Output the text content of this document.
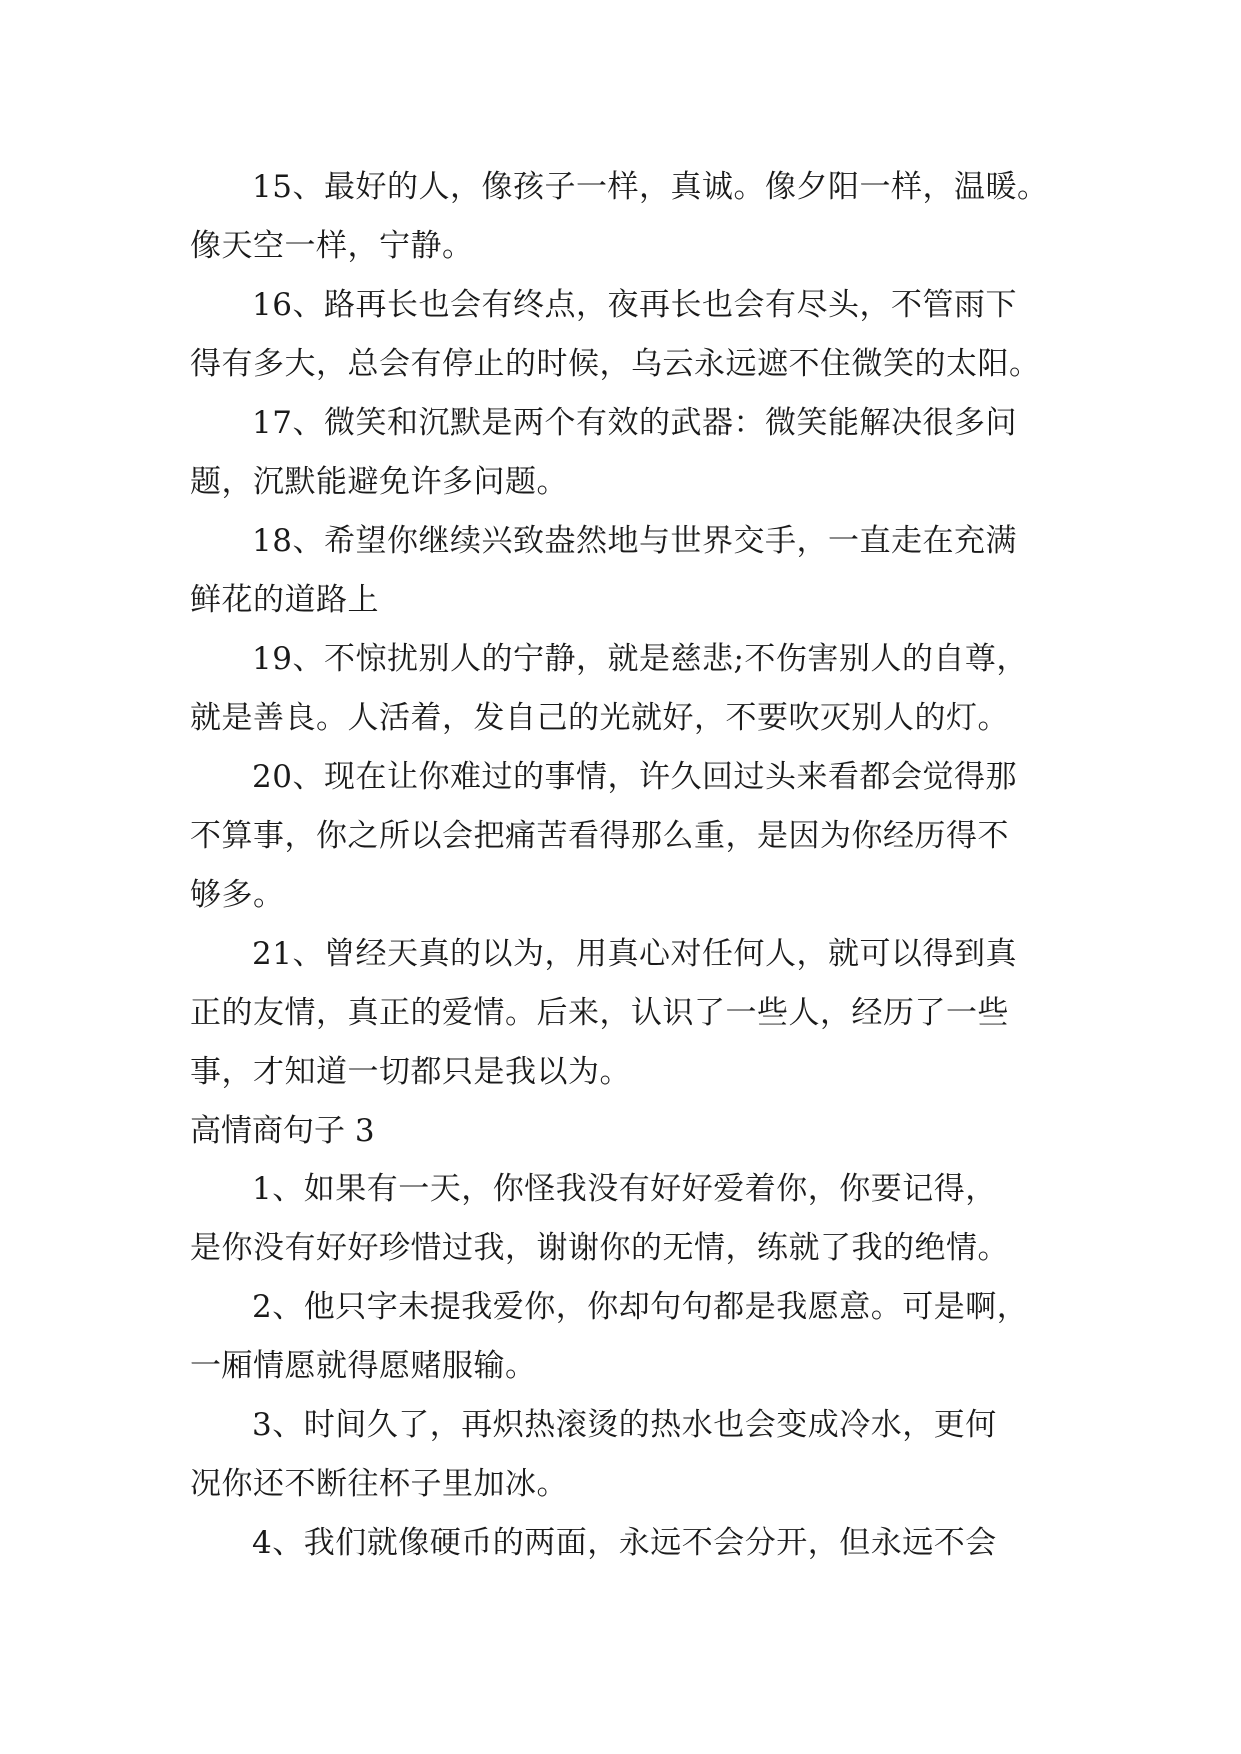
15、最好的人，像孩子一样，真诚。像夕阳一样，温暖。
像天空一样，宁静。
16、路再长也会有终点，夜再长也会有尽头，不管雨下
得有多大，总会有停止的时候，乌云永远遮不住微笑的太阳。
17、微笑和沉默是两个有效的武器：微笑能解决很多问
题，沉默能避免许多问题。
18、希望你继续兴致盎然地与世界交手，一直走在充满
鲜花的道路上
19、不惊扰别人的宁静，就是慈悲;不伤害别人的自尊，
就是善良。人活着，发自己的光就好，不要吹灭别人的灯。
20、现在让你难过的事情，许久回过头来看都会觉得那
不算事，你之所以会把痛苦看得那么重，是因为你经历得不
够多。
21、曾经天真的以为，用真心对任何人，就可以得到真
正的友情，真正的爱情。后来，认识了一些人，经历了一些
事，才知道一切都只是我以为。
高情商句子 3
1、如果有一天，你怪我没有好好爱着你，你要记得，
是你没有好好珍惜过我，谢谢你的无情，练就了我的绝情。
2、他只字未提我爱你，你却句句都是我愿意。可是啊，
一厢情愿就得愿赌服输。
3、时间久了，再炽热滚烫的热水也会变成冷水，更何
况你还不断往杯子里加冰。
4、我们就像硬币的两面，永远不会分开，但永远不会
